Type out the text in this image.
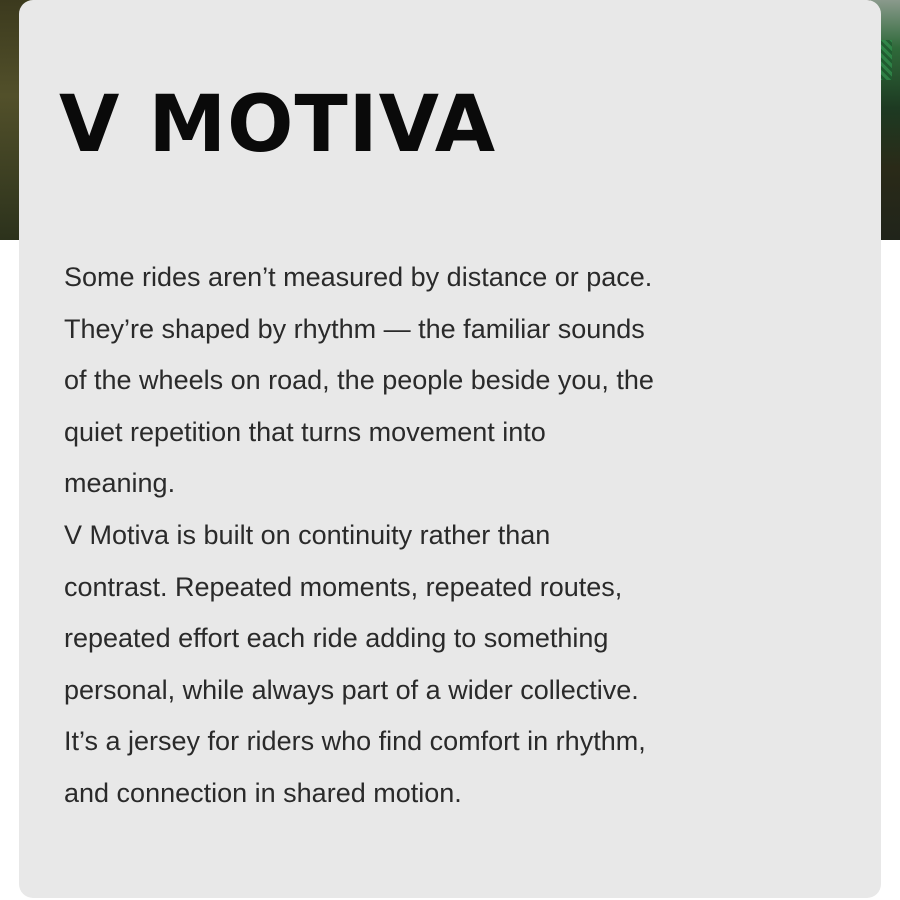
V MOTIVA

Some rides aren’t measured by distance or pace.
They’re shaped by rhythm — the familiar sounds
of the wheels on road, the people beside you, the
quiet repetition that turns movement into
meaning.
V Motiva is built on continuity rather than
contrast. Repeated moments, repeated routes,
repeated effort each ride adding to something
personal, while always part of a wider collective.
It’s a jersey for riders who find comfort in rhythm,
and connection in shared motion.
